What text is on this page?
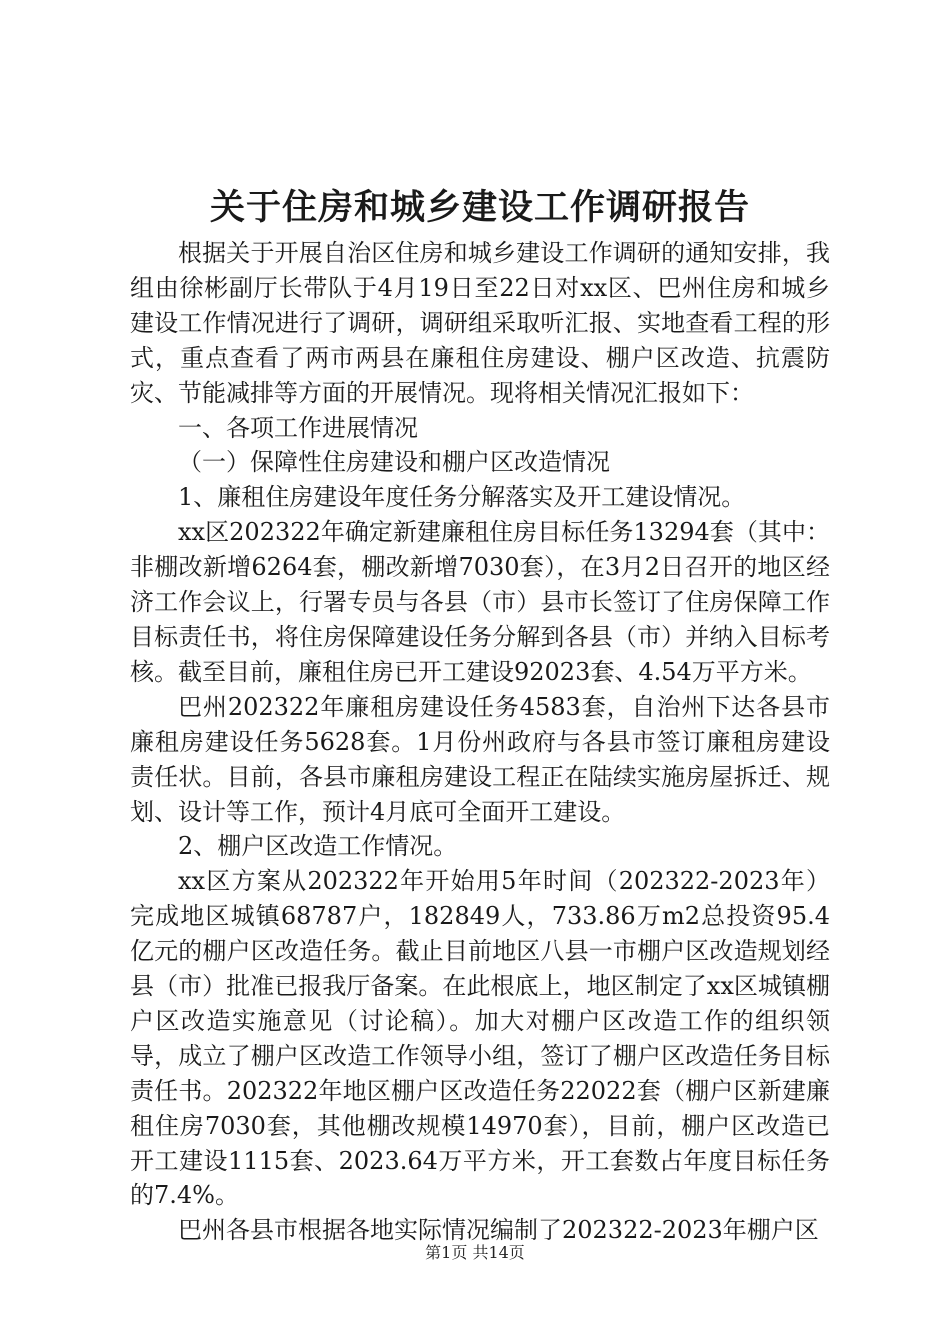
关于住房和城乡建设工作调研报告

根据关于开展自治区住房和城乡建设工作调研的通知安排，我组由徐彬副厅长带队于4月19日至22日对xx区、巴州住房和城乡建设工作情况进行了调研，调研组采取听汇报、实地查看工程的形式，重点查看了两市两县在廉租住房建设、棚户区改造、抗震防灾、节能减排等方面的开展情况。现将相关情况汇报如下：

一、各项工作进展情况

（一）保障性住房建设和棚户区改造情况

1、廉租住房建设年度任务分解落实及开工建设情况。

xx区202322年确定新建廉租住房目标任务13294套（其中：非棚改新增6264套，棚改新增7030套），在3月2日召开的地区经济工作会议上，行署专员与各县（市）县市长签订了住房保障工作目标责任书，将住房保障建设任务分解到各县（市）并纳入目标考核。截至目前，廉租住房已开工建设92023套、4.54万平方米。

巴州202322年廉租房建设任务4583套，自治州下达各县市廉租房建设任务5628套。1月份州政府与各县市签订廉租房建设责任状。目前，各县市廉租房建设工程正在陆续实施房屋拆迁、规划、设计等工作，预计4月底可全面开工建设。

2、棚户区改造工作情况。

xx区方案从202322年开始用5年时间（202322-2023年）完成地区城镇68787户，182849人，733.86万m2总投资95.4亿元的棚户区改造任务。截止目前地区八县一市棚户区改造规划经县（市）批准已报我厅备案。在此根底上，地区制定了xx区城镇棚户区改造实施意见（讨论稿）。加大对棚户区改造工作的组织领导，成立了棚户区改造工作领导小组，签订了棚户区改造任务目标责任书。202322年地区棚户区改造任务22022套（棚户区新建廉租住房7030套，其他棚改规模14970套），目前，棚户区改造已开工建设1115套、2023.64万平方米，开工套数占年度目标任务的7.4%。

巴州各县市根据各地实际情况编制了202322-2023年棚户区

第1页 共14页
